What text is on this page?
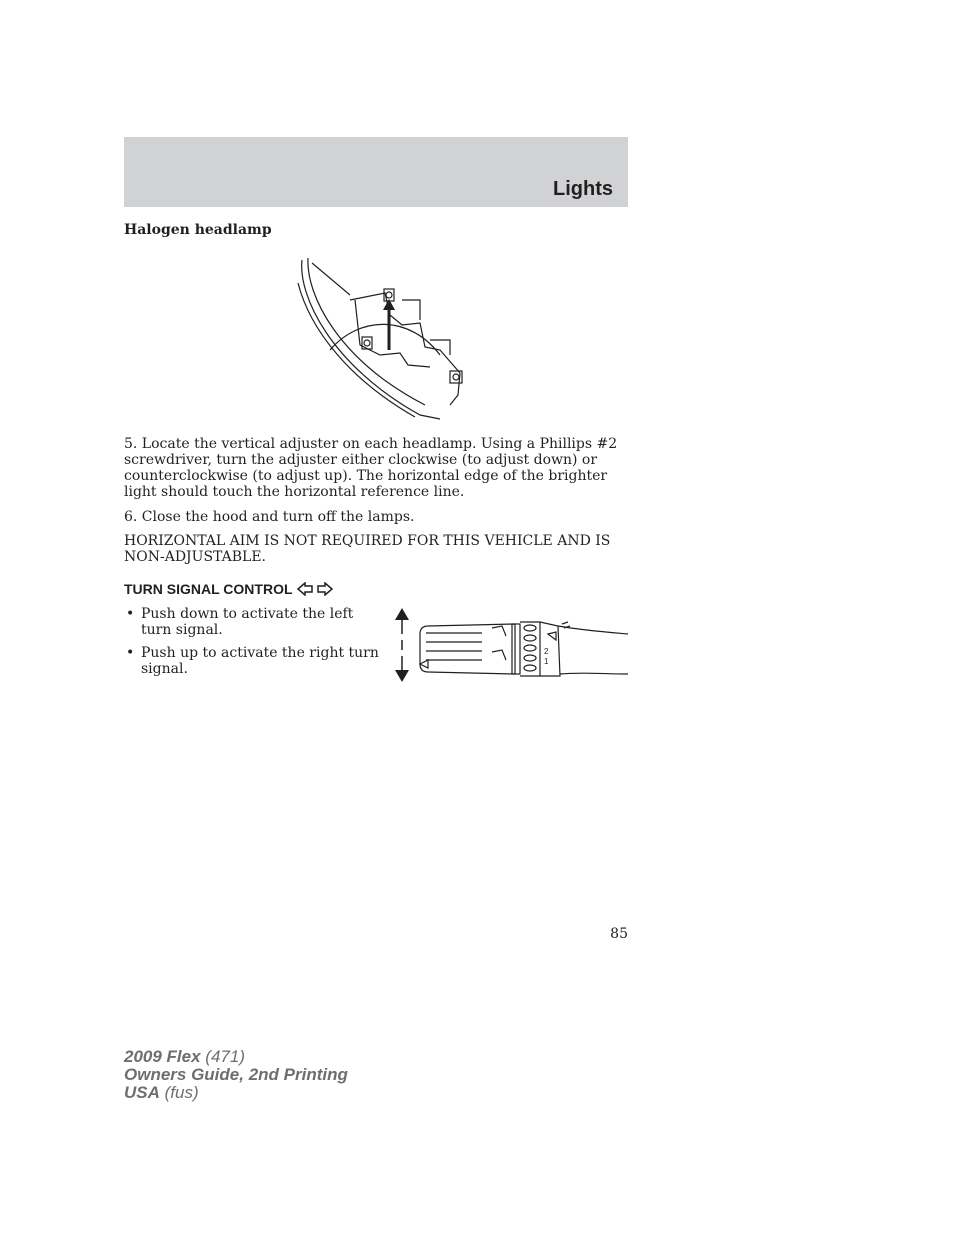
Lights
Halogen headlamp
5. Locate the vertical adjuster on each headlamp. Using a Phillips #2 screwdriver, turn the adjuster either clockwise (to adjust down) or counterclockwise (to adjust up). The horizontal edge of the brighter light should touch the horizontal reference line.
6. Close the hood and turn off the lamps.
HORIZONTAL AIM IS NOT REQUIRED FOR THIS VEHICLE AND IS NON-ADJUSTABLE.
TURN SIGNAL CONTROL
• Push down to activate the left turn signal.
• Push up to activate the right turn signal.
2
1
85
2009 Flex (471)
Owners Guide, 2nd Printing
USA (fus)
